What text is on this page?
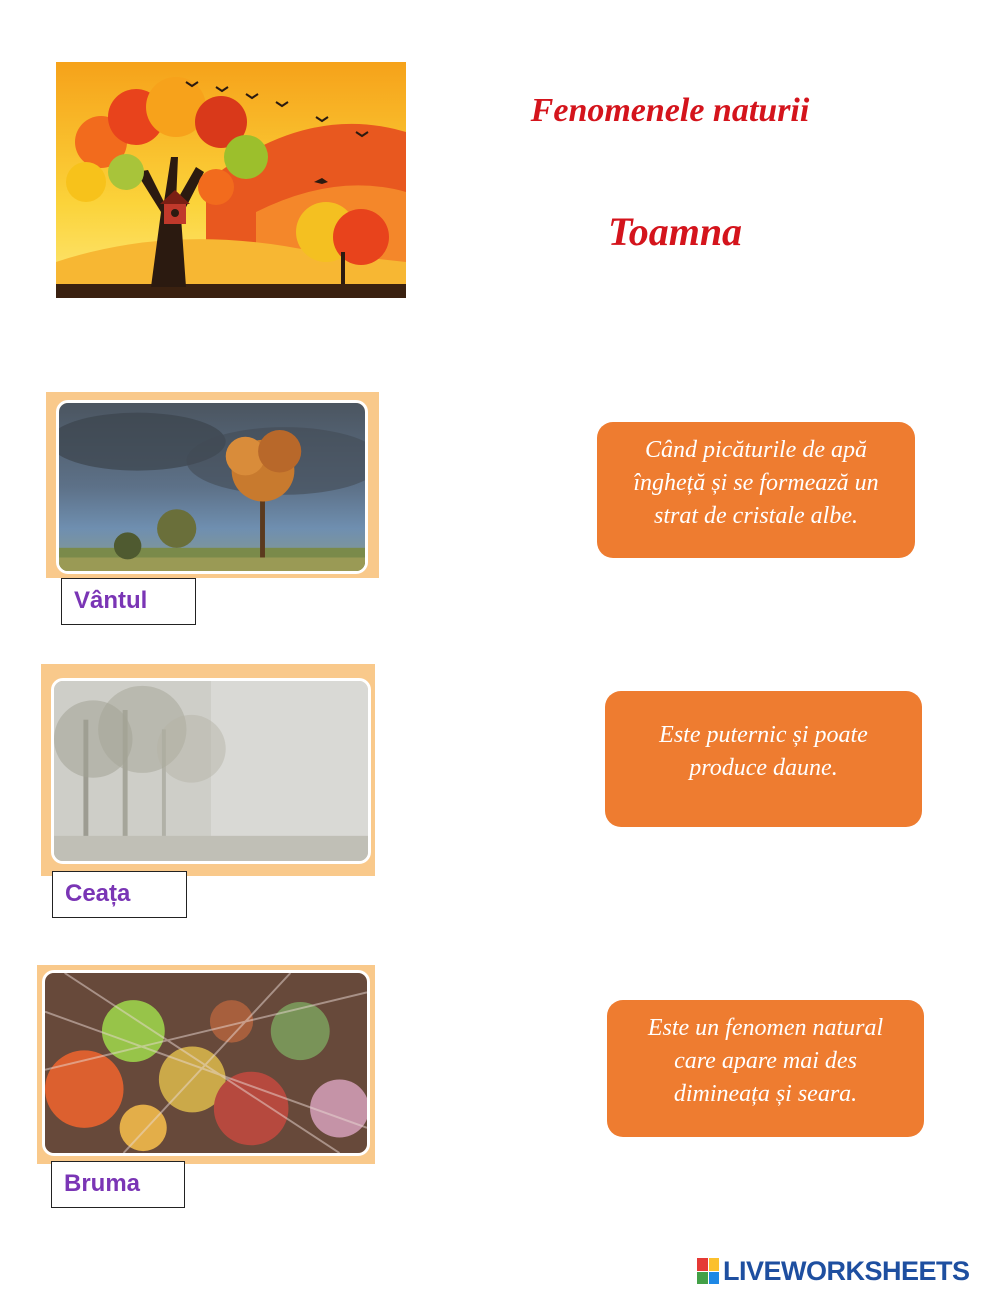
Fenomenele naturii
Toamna
Vântul
Ceața
Bruma
Când picăturile de apă îngheță și se formează un strat de cristale albe.
Este puternic și poate produce daune.
Este un fenomen natural care apare mai des dimineața și seara.
LIVEWORKSHEETS
